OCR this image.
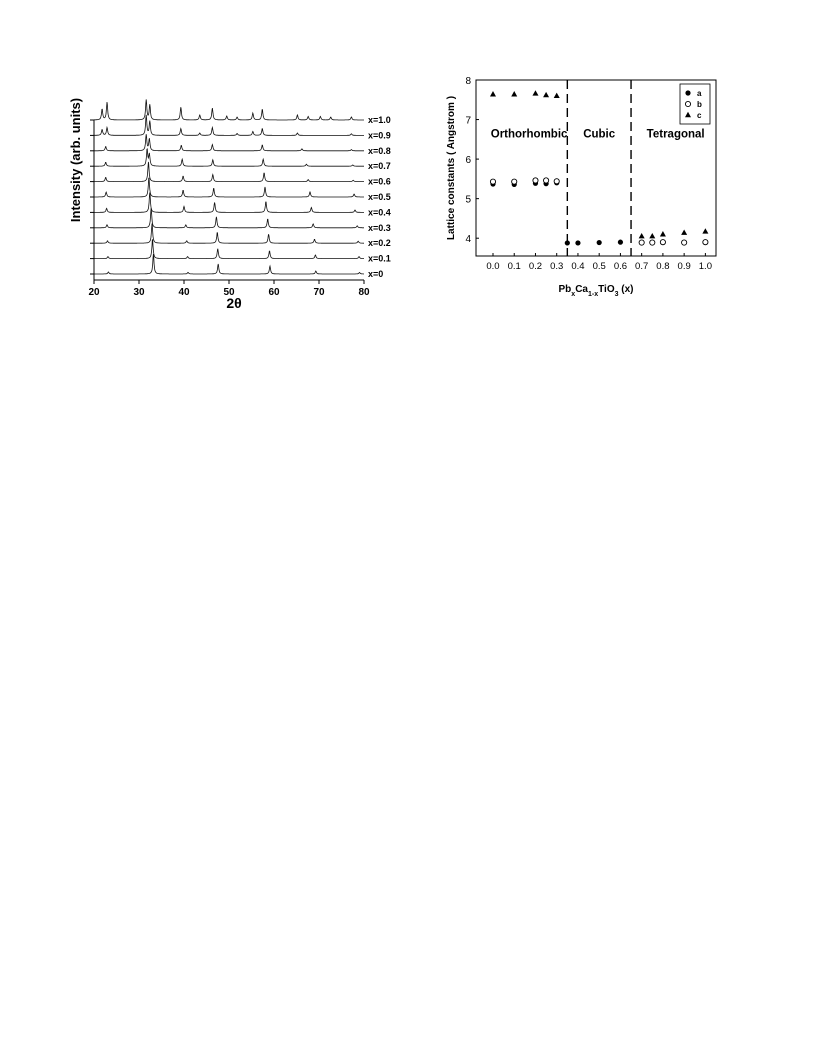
20	30	40	50	60	70	80
x=1.0
x=0.9
x=0.8
x=0.7
x=0.6
x=0.5
x=0.4
x=0.3
x=0.2
x=0.1
x=0
2θ
Intensity (arb. units)
0.0 0.1 0.2 0.3 0.4 0.5 0.6 0.7 0.8 0.9 1.0
4
5
6
7
8
Orthorhombic Cubic	Tetragonal
a
b
c
Lattice constants ( Angstrom )
$Pb_xCa_{1-x}TiO_3$ (x)
